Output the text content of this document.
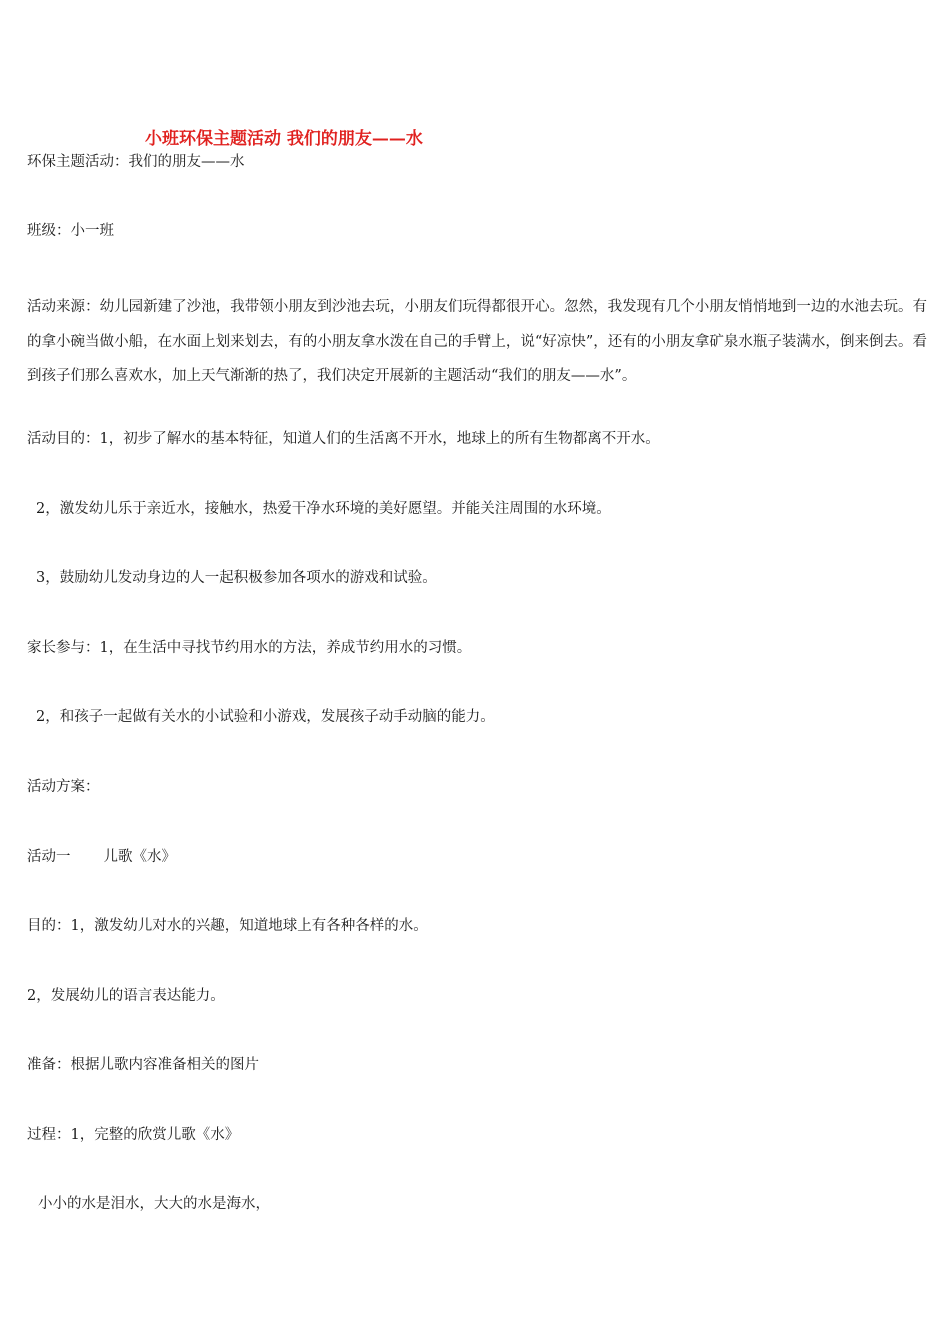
小班环保主题活动 我们的朋友——水
环保主题活动：我们的朋友——水
班级：小一班
活动来源：幼儿园新建了沙池，我带领小朋友到沙池去玩，小朋友们玩得都很开心。忽然，我发现有几个小朋友悄悄地到一边的水池去玩。有的拿小碗当做小船，在水面上划来划去，有的小朋友拿水泼在自己的手臂上，说“好凉快”，还有的小朋友拿矿泉水瓶子装满水，倒来倒去。看到孩子们那么喜欢水，加上天气渐渐的热了，我们决定开展新的主题活动“我们的朋友——水”。
活动目的：1，初步了解水的基本特征，知道人们的生活离不开水，地球上的所有生物都离不开水。
2，激发幼儿乐于亲近水，接触水，热爱干净水环境的美好愿望。并能关注周围的水环境。
3，鼓励幼儿发动身边的人一起积极参加各项水的游戏和试验。
家长参与：1，在生活中寻找节约用水的方法，养成节约用水的习惯。
2，和孩子一起做有关水的小试验和小游戏，发展孩子动手动脑的能力。
活动方案：
活动一 儿歌《水》
目的：1，激发幼儿对水的兴趣，知道地球上有各种各样的水。
2，发展幼儿的语言表达能力。
准备：根据儿歌内容准备相关的图片
过程：1，完整的欣赏儿歌《水》
小小的水是泪水，大大的水是海水，
